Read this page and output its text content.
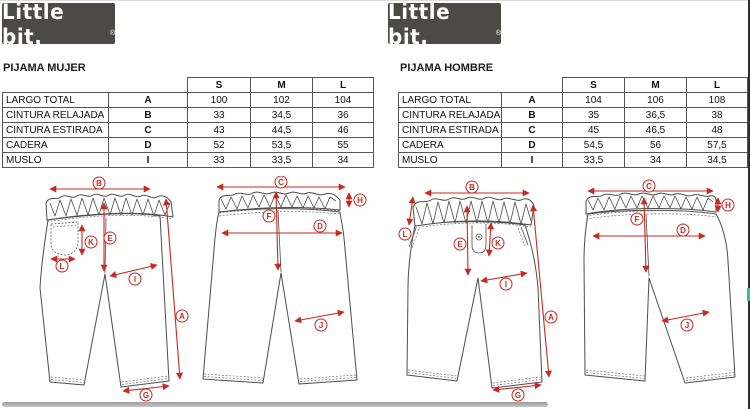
Little bit.	®
PIJAMA MUJER
		S	M	L
LARGO TOTAL	A	100	102	104
CINTURA RELAJADA	B	33	34,5	36
CINTURA ESTIRADA	C	43	44,5	46
CADERA	D	52	53,5	55
MUSLO	I	33	33,5	34
B
E
K
L
I
A
G
C
H
F
D
J
Little bit.	®
PIJAMA HOMBRE
		S	M	L
LARGO TOTAL	A	104	106	108
CINTURA RELAJADA	B	35	36,5	38
CINTURA ESTIRADA	C	45	46,5	48
CADERA	D	54,5	56	57,5
MUSLO	I	33,5	34	34,5
B
L
E	K
I
A
G
C
H
F
D
J
